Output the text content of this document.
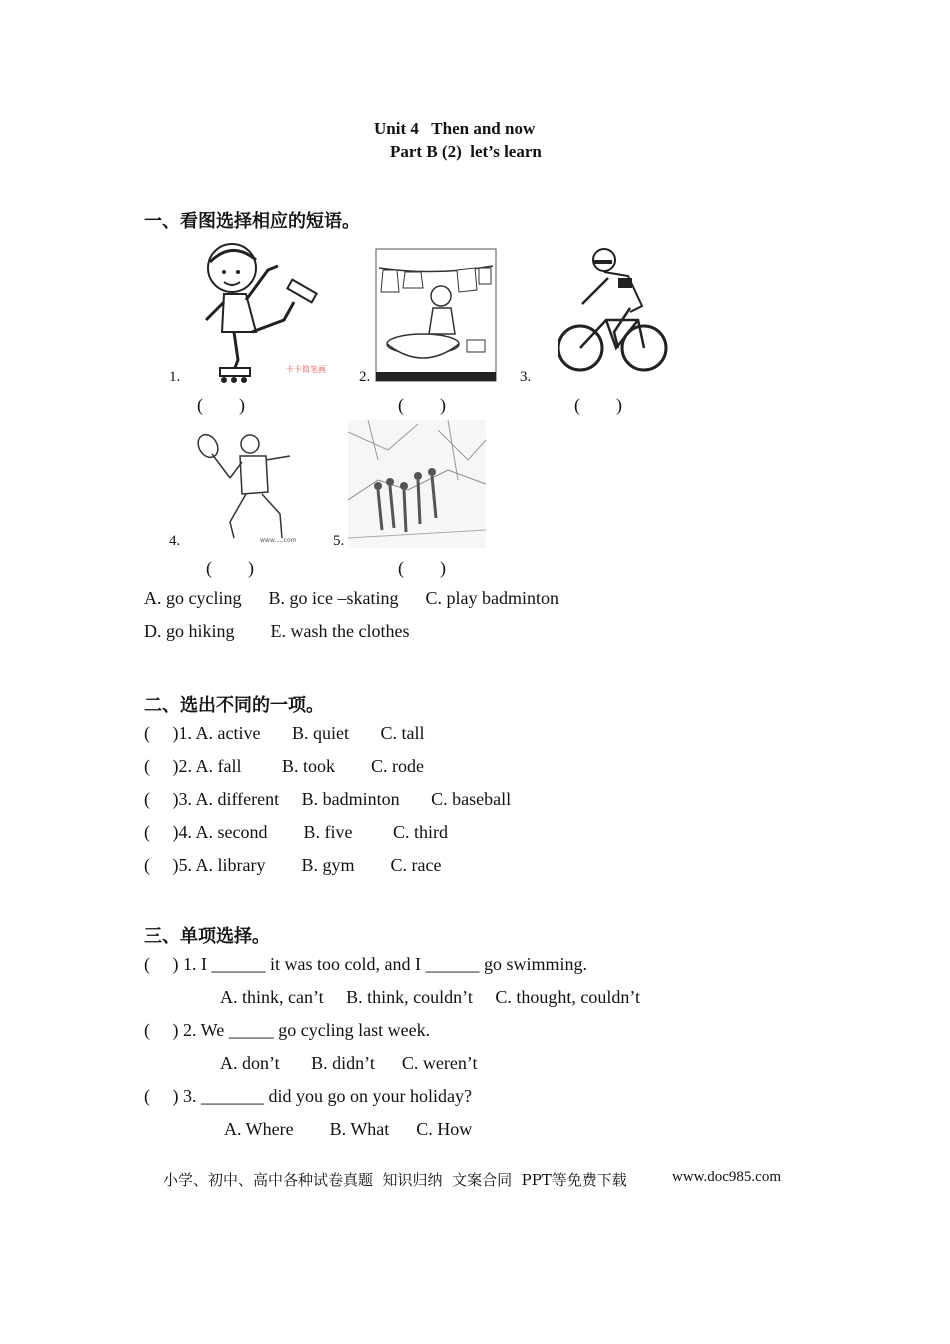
Unit 4   Then and now
Part B (2)  let’s learn
一、看图选择相应的短语。
卡卡简笔画
1.
(        )
2.
(        )
3.
(        )
www.....com
4.
(        )
5.
(        )
A. go cycling      B. go ice –skating      C. play badminton
D. go hiking        E. wash the clothes
二、选出不同的一项。
(     )1. A. active       B. quiet       C. tall
(     )2. A. fall         B. took        C. rode
(     )3. A. different     B. badminton       C. baseball
(     )4. A. second        B. five         C. third
(     )5. A. library        B. gym        C. race
三、单项选择。
(     ) 1. I ______ it was too cold, and I ______ go swimming.
A. think, can’t     B. think, couldn’t     C. thought, couldn’t
(     ) 2. We _____ go cycling last week.
A. don’t       B. didn’t      C. weren’t
(     ) 3. _______ did you go on your holiday?
A. Where        B. What      C. How
小学、初中、高中各种试卷真题  知识归纳  文案合同  PPT等免费下载	www.doc985.com
